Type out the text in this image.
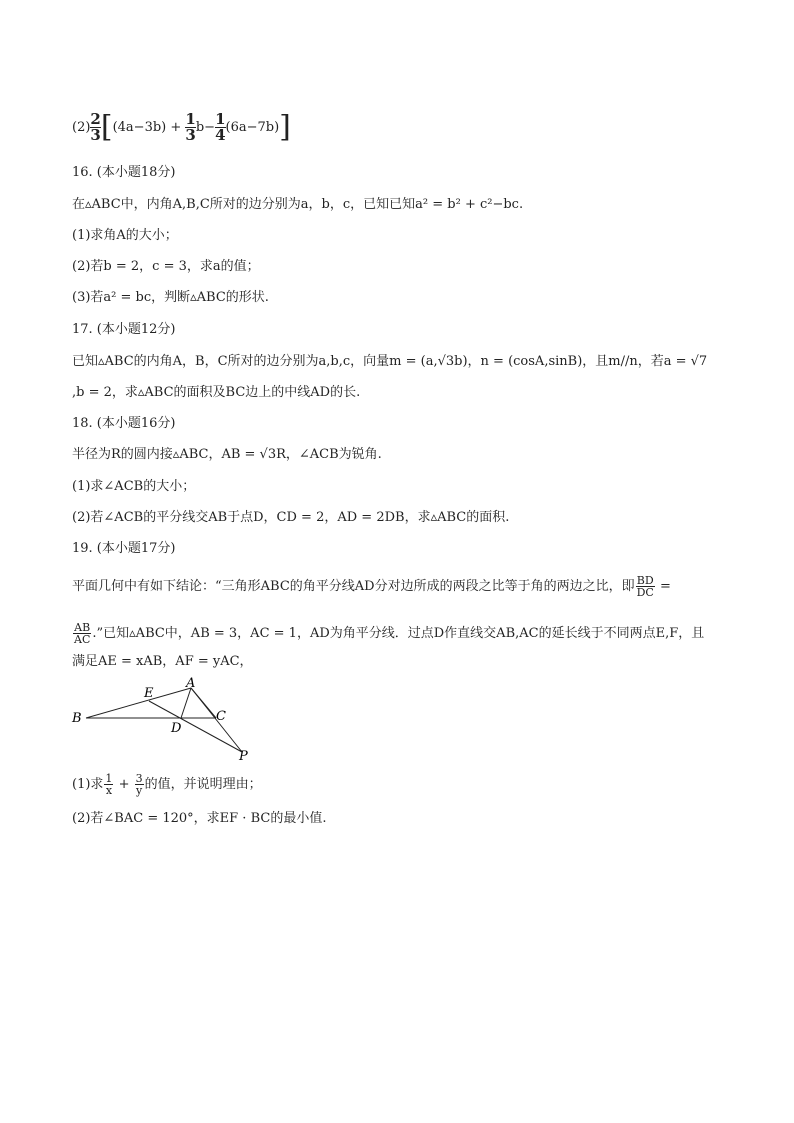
$(2) \frac{2}{3}[(4a-3b) + \frac{1}{3}b- \frac{1}{4}(6a-7b)]$
16. (本小题18分)
在▵ABC中，内角A,B,C所对的边分别为a，b，c，已知已知a² = b² + c²−bc.
(1)求角A的大小；
(2)若b = 2，c = 3，求a的值；
(3)若a² = bc，判断▵ABC的形状.
17. (本小题12分)
已知▵ABC的内角A，B，C所对的边分别为a,b,c，向量m = (a,√3b)，n = (cosA,sinB)，且m//n，若a = √7
,b = 2，求▵ABC的面积及BC边上的中线AD的长.
18. (本小题16分)
半径为R的圆内接▵ABC，AB = √3R，∠ACB为锐角.
(1)求∠ACB的大小；
(2)若∠ACB的平分线交AB于点D，CD = 2，AD = 2DB，求▵ABC的面积.
19. (本小题17分)
平面几何中有如下结论：“三角形ABC的角平分线AD分对边所成的两段之比等于角的两边之比，即 $\frac{BD}{DC}$ =
$\frac{AB}{AC}$ .”已知▵ABC中，AB = 3，AC = 1，AD为角平分线．过点D作直线交AB,AC的延长线于不同两点E,F，且
满足AE = xAB，AF = yAC，
B
E
A
C
D
P
(1)求 $\frac{1}{x} + \frac{3}{y}$ 的值，并说明理由；
(2)若∠BAC = 120°，求EF · BC的最小值.
